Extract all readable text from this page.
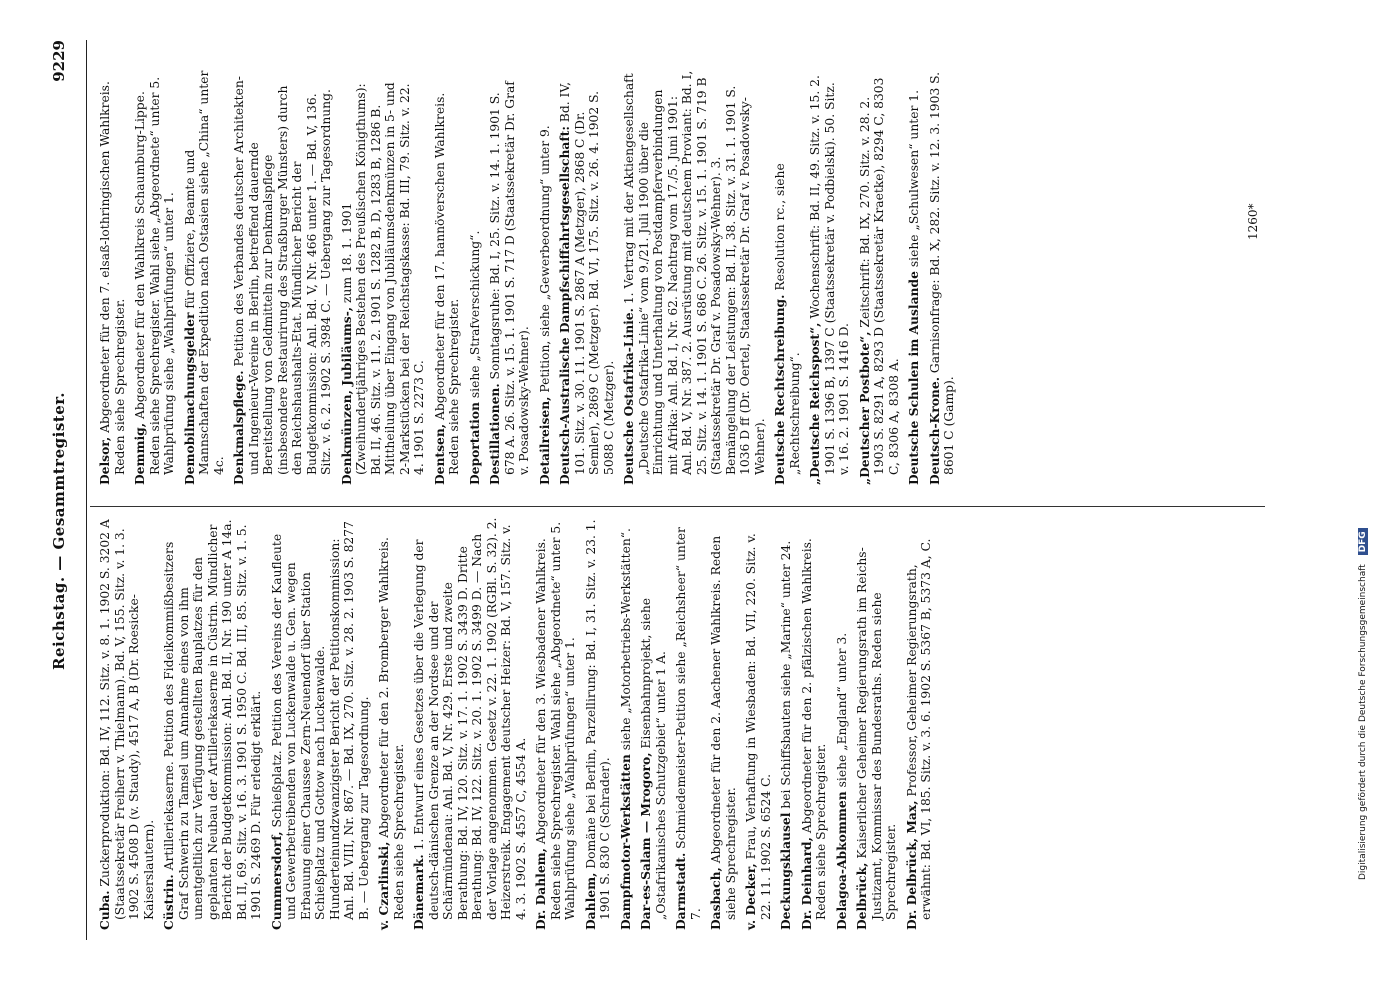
Reichstag. — Gesammtregister.
9229

Cuba. Zuckerproduktion: Bd. IV, 112. Sitz. v. 8. 1. 1902 S. 3202 A (Staatssekretär Freiherr v. Thielmann). Bd. V, 155. Sitz. v. 1. 3. 1902 S. 4508 D (v. Staudy), 4517 A, B (Dr. Roesicke-Kaiserslautern). Cüstrin. Artilleriekaserne. Petition des Fideikommißbesitzers Graf Schwerin zu Tamsel um Annahme eines von ihm unentgeltlich zur Verfügung gestellten Bauplatzes für den geplanten Neubau der Artilleriekaserne in Cüstrin. Mündlicher Bericht der Budgetkommission: Anl. Bd. II, Nr. 190 unter A 14a. Bd. II, 69. Sitz. v. 16. 3. 1901 S. 1950 C. Bd. III, 85. Sitz. v. 1. 5. 1901 S. 2469 D. Für erledigt erklärt. Cummersdorf, Schießplatz. Petition des Vereins der Kaufleute und Gewerbetreibenden von Luckenwalde u. Gen. wegen Erbauung einer Chaussee Zern-Neuendorf über Station Schießplatz und Gottow nach Luckenwalde. Hunderteinundzwanzigster Bericht der Petitionskommission: Anl. Bd. VIII, Nr. 867. — Bd. IX, 270. Sitz. v. 28. 2. 1903 S. 8277 B. — Uebergang zur Tagesordnung. v. Czarlinski, Abgeordneter für den 2. Bromberger Wahlkreis. Reden siehe Sprechregister. Dänemark. 1. Entwurf eines Gesetzes über die Verlegung der deutsch-dänischen Grenze an der Nordsee und der Schärmündenau: Anl. Bd. V, Nr. 429. Erste und zweite Berathung: Bd. IV, 120. Sitz. v. 17. 1. 1902 S. 3439 D. Dritte Berathung: Bd. IV, 122. Sitz. v. 20. 1. 1902 S. 3499 D. — Nach der Vorlage angenommen. Gesetz v. 22. 1. 1902 (RGBl. S. 32). 2. Heizerstreik. Engagement deutscher Heizer: Bd. V, 157. Sitz. v. 4. 3. 1902 S. 4557 C, 4554 A. Dr. Dahlem, Abgeordneter für den 3. Wiesbadener Wahlkreis. Reden siehe Sprechregister. Wahl siehe „Abgeordnete“ unter 5. Wahlprüfung siehe „Wahlprüfungen“ unter 1. Dahlem, Domäne bei Berlin, Parzellirung: Bd. I, 31. Sitz. v. 23. 1. 1901 S. 830 C (Schrader). Dampfmotor-Werkstätten siehe „Motorbetriebs-Werkstätten“.

Dar-es-Salam — Mrogoro, Eisenbahnprojekt, siehe „Ostafrikanisches Schutzgebiet“ unter 1 A. Darmstadt. Schmiedemeister-Petition siehe „Reichsheer“ unter 7. Dasbach, Abgeordneter für den 2. Aachener Wahlkreis. Reden siehe Sprechregister. v. Decker, Frau, Verhaftung in Wiesbaden: Bd. VII, 220. Sitz. v. 22. 11. 1902 S. 6524 C. Deckungsklausel bei Schiffsbauten siehe „Marine“ unter 24.

Dr. Deinhard, Abgeordneter für den 2. pfälzischen Wahlkreis. Reden siehe Sprechregister. Delagoa-Abkommen siehe „England“ unter 3.

Delbrück, Kaiserlicher Geheimer Regierungsrath im Reichs-Justizamt, Kommissar des Bundesraths. Reden siehe Sprechregister. Dr. Delbrück, Max, Professor, Geheimer Regierungsrath, erwähnt: Bd. VI, 185. Sitz. v. 3. 6. 1902 S. 5367 B, 5373 A, C.

Delsor, Abgeordneter für den 7. elsaß-lothringischen Wahlkreis. Reden siehe Sprechregister. Demmig, Abgeordneter für den Wahlkreis Schaumburg-Lippe. Reden siehe Sprechregister. Wahl siehe „Abgeordnete“ unter 5. Wahlprüfung siehe „Wahlprüfungen“ unter 1. Demobilmachungsgelder für Offiziere, Beamte und Mannschaften der Expedition nach Ostasien siehe „China“ unter 4c. Denkmalspflege. Petition des Verbandes deutscher Architekten- und Ingenieur-Vereine in Berlin, betreffend dauernde Bereitstellung von Geldmitteln zur Denkmalspflege (insbesondere Restaurirung des Straßburger Münsters) durch den Reichshaushalts-Etat. Mündlicher Bericht der Budgetkommission: Anl. Bd. V, Nr. 466 unter 1. — Bd. V, 136. Sitz. v. 6. 2. 1902 S. 3984 C. — Uebergang zur Tagesordnung. Denkmünzen, Jubiläums-, zum 18. 1. 1901 (Zweihundertjähriges Bestehen des Preußischen Königthums): Bd. II, 46. Sitz. v. 11. 2. 1901 S. 1282 B, D, 1283 B, 1286 B. Mittheilung über Eingang von Jubiläumsdenkmünzen in 5- und 2-Markstücken bei der Reichstagskasse: Bd. III, 79. Sitz. v. 22. 4. 1901 S. 2273 C. Dentsen, Abgeordneter für den 17. hannöverschen Wahlkreis. Reden siehe Sprechregister. Deportation siehe „Strafverschickung“.

Destillationen. Sonntagsruhe: Bd. I, 25. Sitz. v. 14. 1. 1901 S. 678 A. 26. Sitz. v. 15. 1. 1901 S. 717 D (Staatssekretär Dr. Graf v. Posadowsky-Wehner). Detailreisen, Petition, siehe „Gewerbeordnung“ unter 9. Deutsch-Australische Dampfschiffahrtsgesellschaft: Bd. IV, 101. Sitz. v. 30. 11. 1901 S. 2867 A (Metzger), 2868 C (Dr. Semler), 2869 C (Metzger). Bd. VI, 175. Sitz. v. 26. 4. 1902 S. 5088 C (Metzger). Deutsche Ostafrika-Linie. 1. Vertrag mit der Aktiengesellschaft „Deutsche Ostafrika-Linie“ vom 9./21. Juli 1900 über die Einrichtung und Unterhaltung von Postdampferverbindungen mit Afrika: Anl. Bd. I, Nr. 62. Nachtrag vom 17./5. Juni 1901: Anl. Bd. V, Nr. 387. 2. Ausrüstung mit deutschem Proviant: Bd. I, 25. Sitz. v. 14. 1. 1901 S. 686 C. 26. Sitz. v. 15. 1. 1901 S. 719 B (Staatssekretär Dr. Graf v. Posadowsky-Wehner). 3. Bemängelung der Leistungen: Bd. II, 38. Sitz. v. 31. 1. 1901 S. 1036 D ff (Dr. Oertel, Staatssekretär Dr. Graf v. Posadowsky-Wehner). Deutsche Rechtschreibung. Resolution rc., siehe „Rechtschreibung“. „Deutsche Reichspost“, Wochenschrift: Bd. II, 49. Sitz. v. 15. 2. 1901 S. 1396 B, 1397 C (Staatssekretär v. Podbielski). 50. Sitz. v. 16. 2. 1901 S. 1416 D. „Deutscher Postbote“, Zeitschrift: Bd. IX, 270. Sitz. v. 28. 2. 1903 S. 8291 A, 8293 D (Staatssekretär Kraetke), 8294 C, 8303 C, 8306 A, 8308 A. Deutsche Schulen im Auslande siehe „Schulwesen“ unter 1.

Deutsch-Krone. Garnisonfrage: Bd. X, 282. Sitz. v. 12. 3. 1903 S. 8601 C (Gamp).

1260*
Digitalisierung gefördert durch die Deutsche Forschungsgemeinschaft DFG
